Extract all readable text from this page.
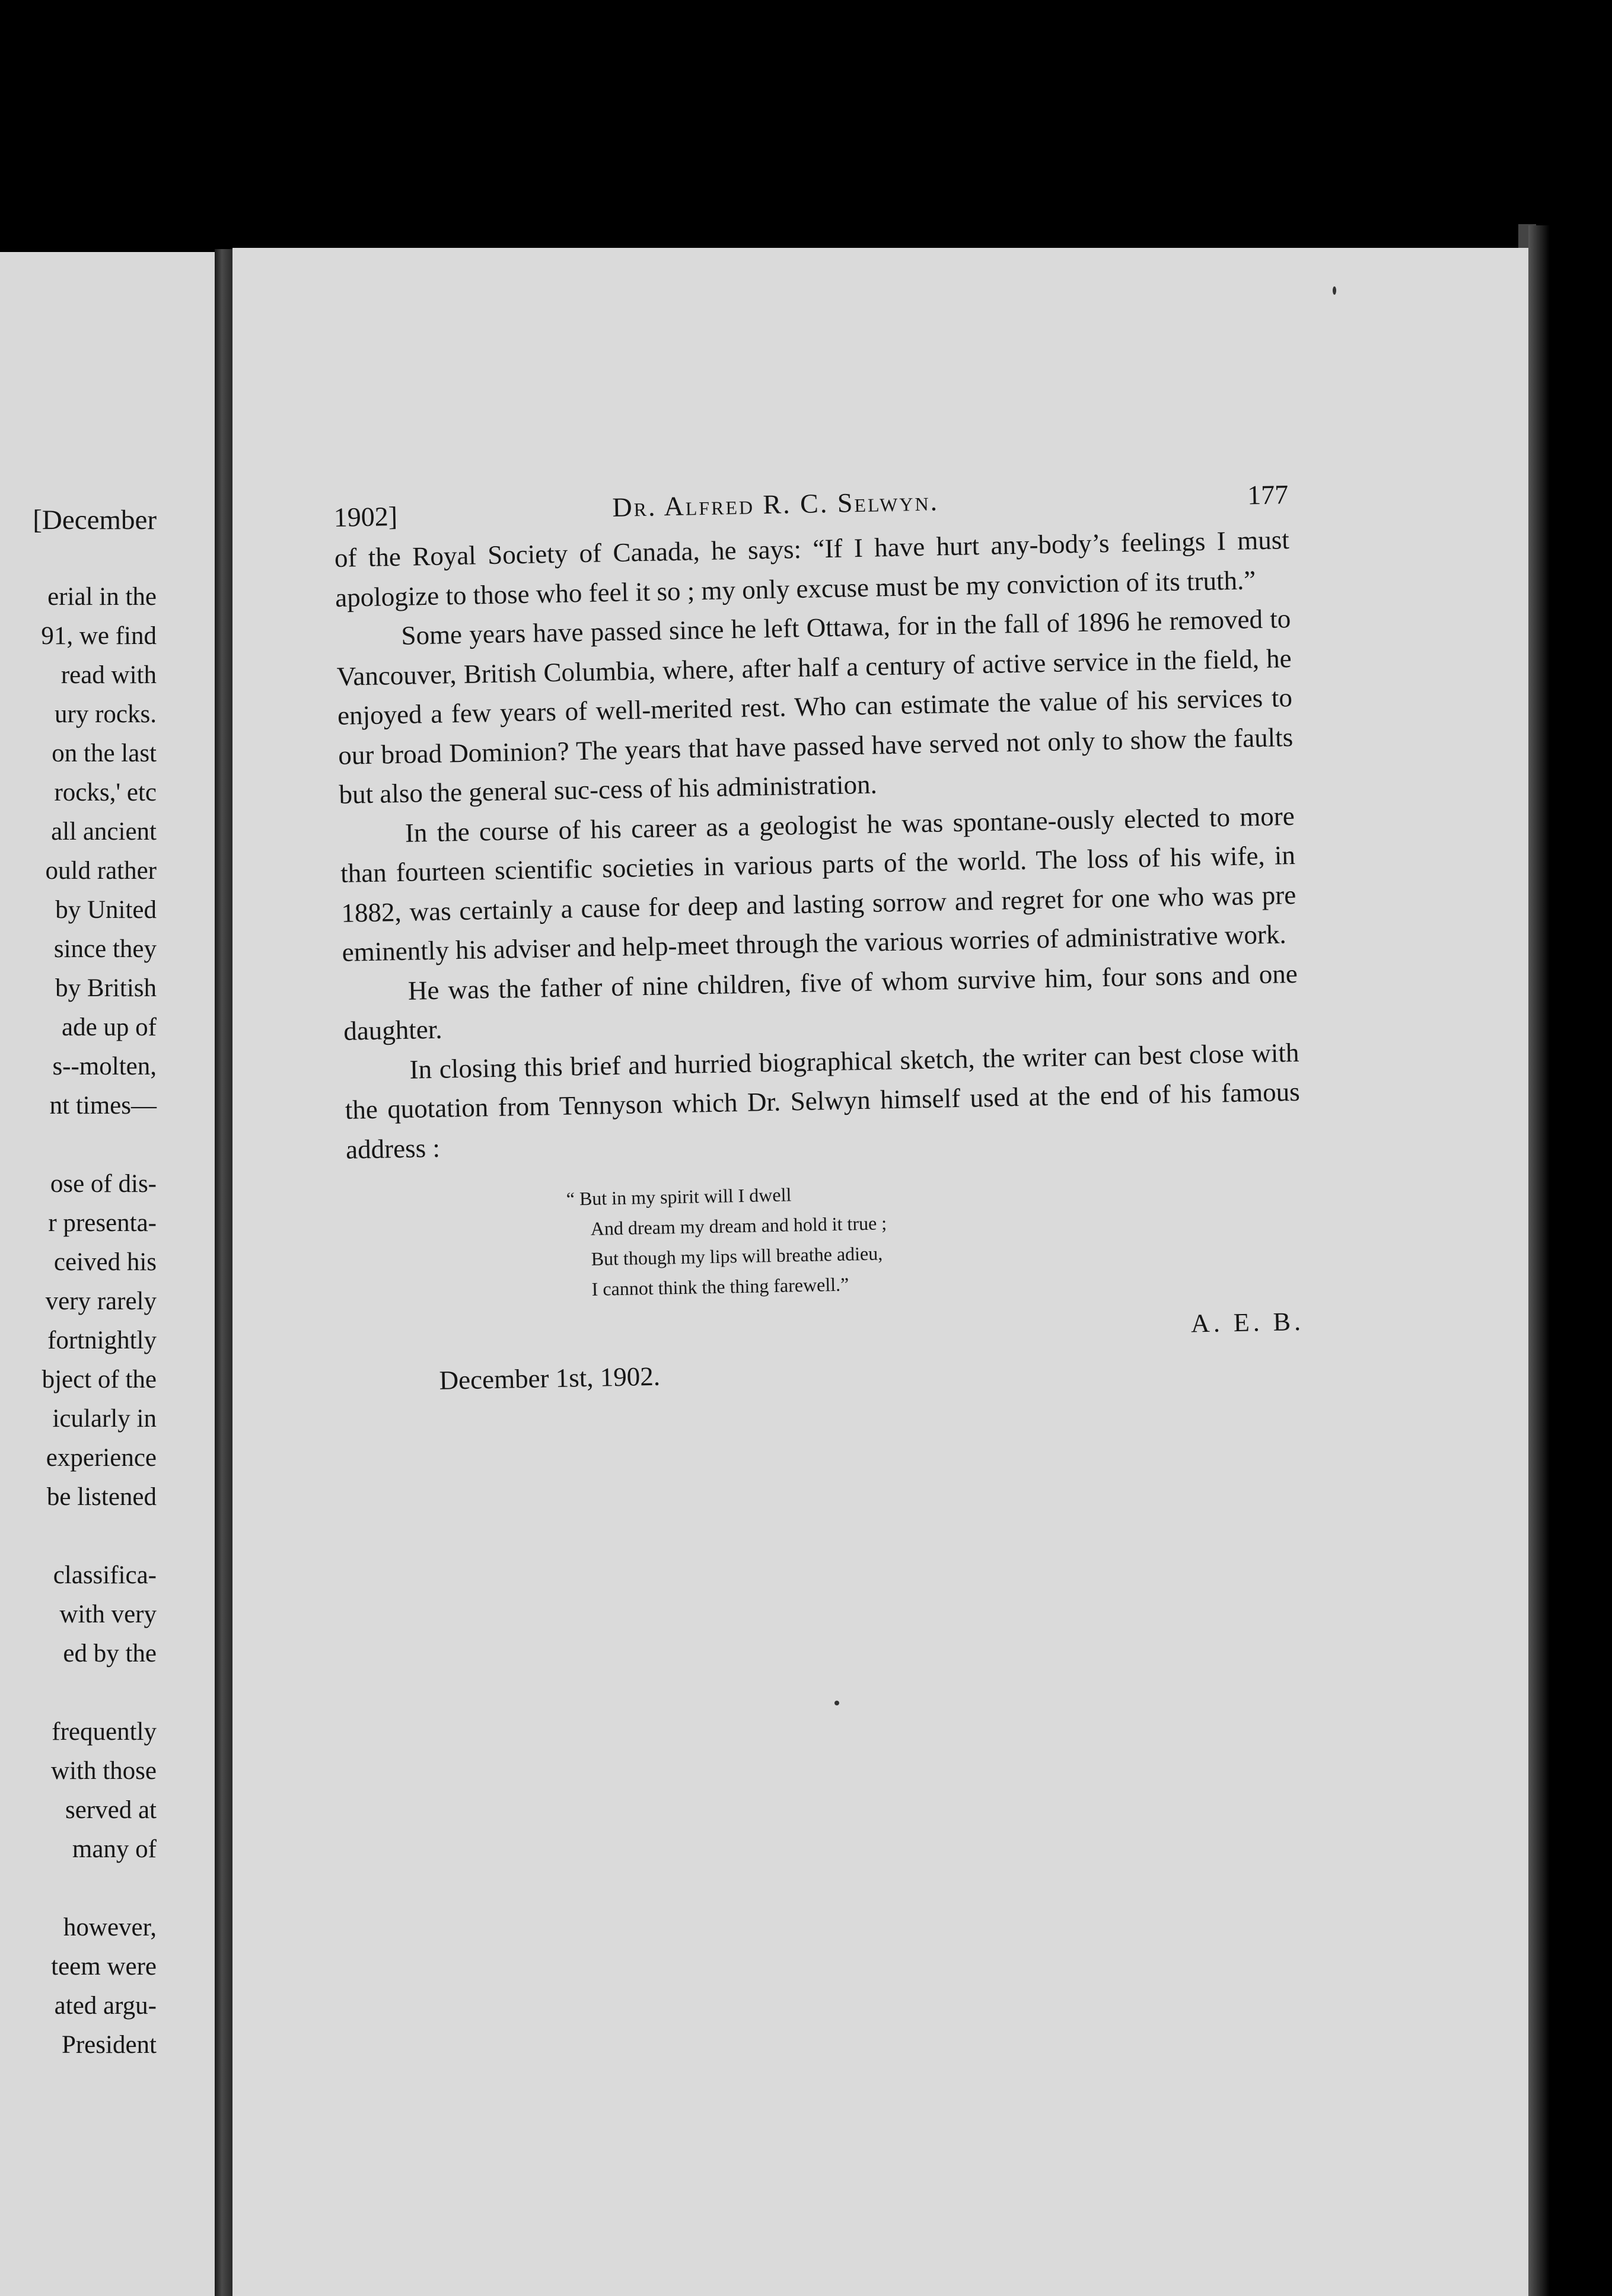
[December
erial in the
91, we find
read with
ury rocks.
on the last
rocks,' etc
all ancient
ould rather
by United
since they
by British
ade up of
s--molten,
nt times—
ose of dis-
r presenta-
ceived his
very rarely
fortnightly
bject of the
icularly in
experience
be listened
classifica-
with very
ed by the
frequently
with those
served at
many of
however,
teem were
ated argu-
President
1902]	Dr. Alfred R. C. Selwyn.	177

of the Royal Society of Canada, he says: “If I have hurt any-body’s feelings I must apologize to those who feel it so ; my only excuse must be my conviction of its truth.”

Some years have passed since he left Ottawa, for in the fall of 1896 he removed to Vancouver, British Columbia, where, after half a century of active service in the field, he enjoyed a few years of well-merited rest. Who can estimate the value of his services to our broad Dominion? The years that have passed have served not only to show the faults but also the general suc-cess of his administration.

In the course of his career as a geologist he was spontane-ously elected to more than fourteen scientific societies in various parts of the world. The loss of his wife, in 1882, was certainly a cause for deep and lasting sorrow and regret for one who was pre eminently his adviser and help-meet through the various worries of administrative work.

He was the father of nine children, five of whom survive him, four sons and one daughter.

In closing this brief and hurried biographical sketch, the writer can best close with the quotation from Tennyson which Dr. Selwyn himself used at the end of his famous address :

“ But in my spirit will I dwell
And dream my dream and hold it true ;
But though my lips will breathe adieu,
I cannot think the thing farewell.”
A. E. B.
December 1st, 1902.
